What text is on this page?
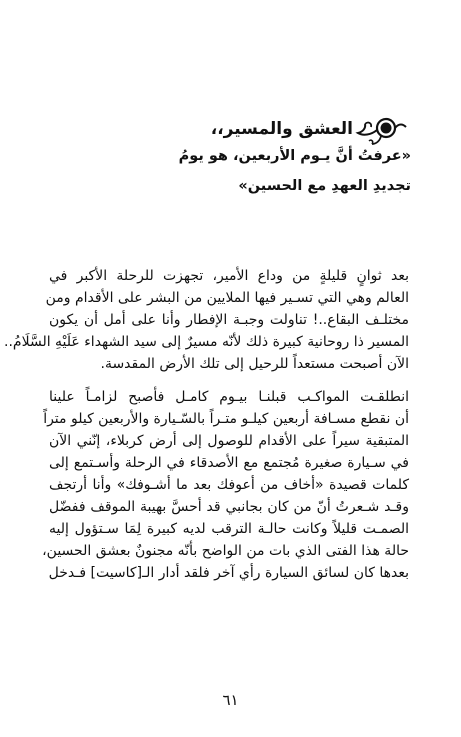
العشق والمسير،،
«عرفتُ أنَّ يـوم الأربعين، هو يومُ
تجديدِ العهدِ مع الحسين»
بعد ثوانٍ قليلةٍ من وداع الأمير، تجهزت للرحلة الأكبر في
العالم وهي التي تسـير فيها الملايين من البشر على الأقدام ومن
مختلـف البقاع..! تناولت وجبـة الإفطار وأنا على أمل أن يكون
المسير ذا روحانية كبيرة ذلك لأنّه مسيرٌ إلى سيد الشهداء عَلَيْهِ السَّلَامُ..
الآن أصبحت مستعداً للرحيل إلى تلك الأرض المقدسة.
انطلقـت المواكـب قبلنـا بيـوم كامـل فأصبح لزامـاً علينا
أن نقطع مسـافة أربعين كيلـو متـراً بالسّـيارة والأربعين كيلو متراً
المتبقية سيراً على الأقدام للوصول إلى أرض كربلاء، إنّني الآن
في سـيارة صغيرة مُجتمع مع الأصدقاء في الرحلة وأسـتمع إلى
كلمات قصيدة «أخاف من أعوفك بعد ما أشـوفك» وأنا أرتجف
وقـد شـعرتُ أنّ من كان بجانبي قد أحسَّ بهيبة الموقف ففضّل
الصمـت قليلاً وكانت حالـة الترقب لديه كبيرة لِمَا سـتؤول إليه
حالة هذا الفتى الذي بات من الواضح بأنّه مجنونٌ بعشق الحسين،
بعدها كان لسائق السيارة رأي آخر فلقد أدار الـ[كاسيت] فـدخل
٦١
